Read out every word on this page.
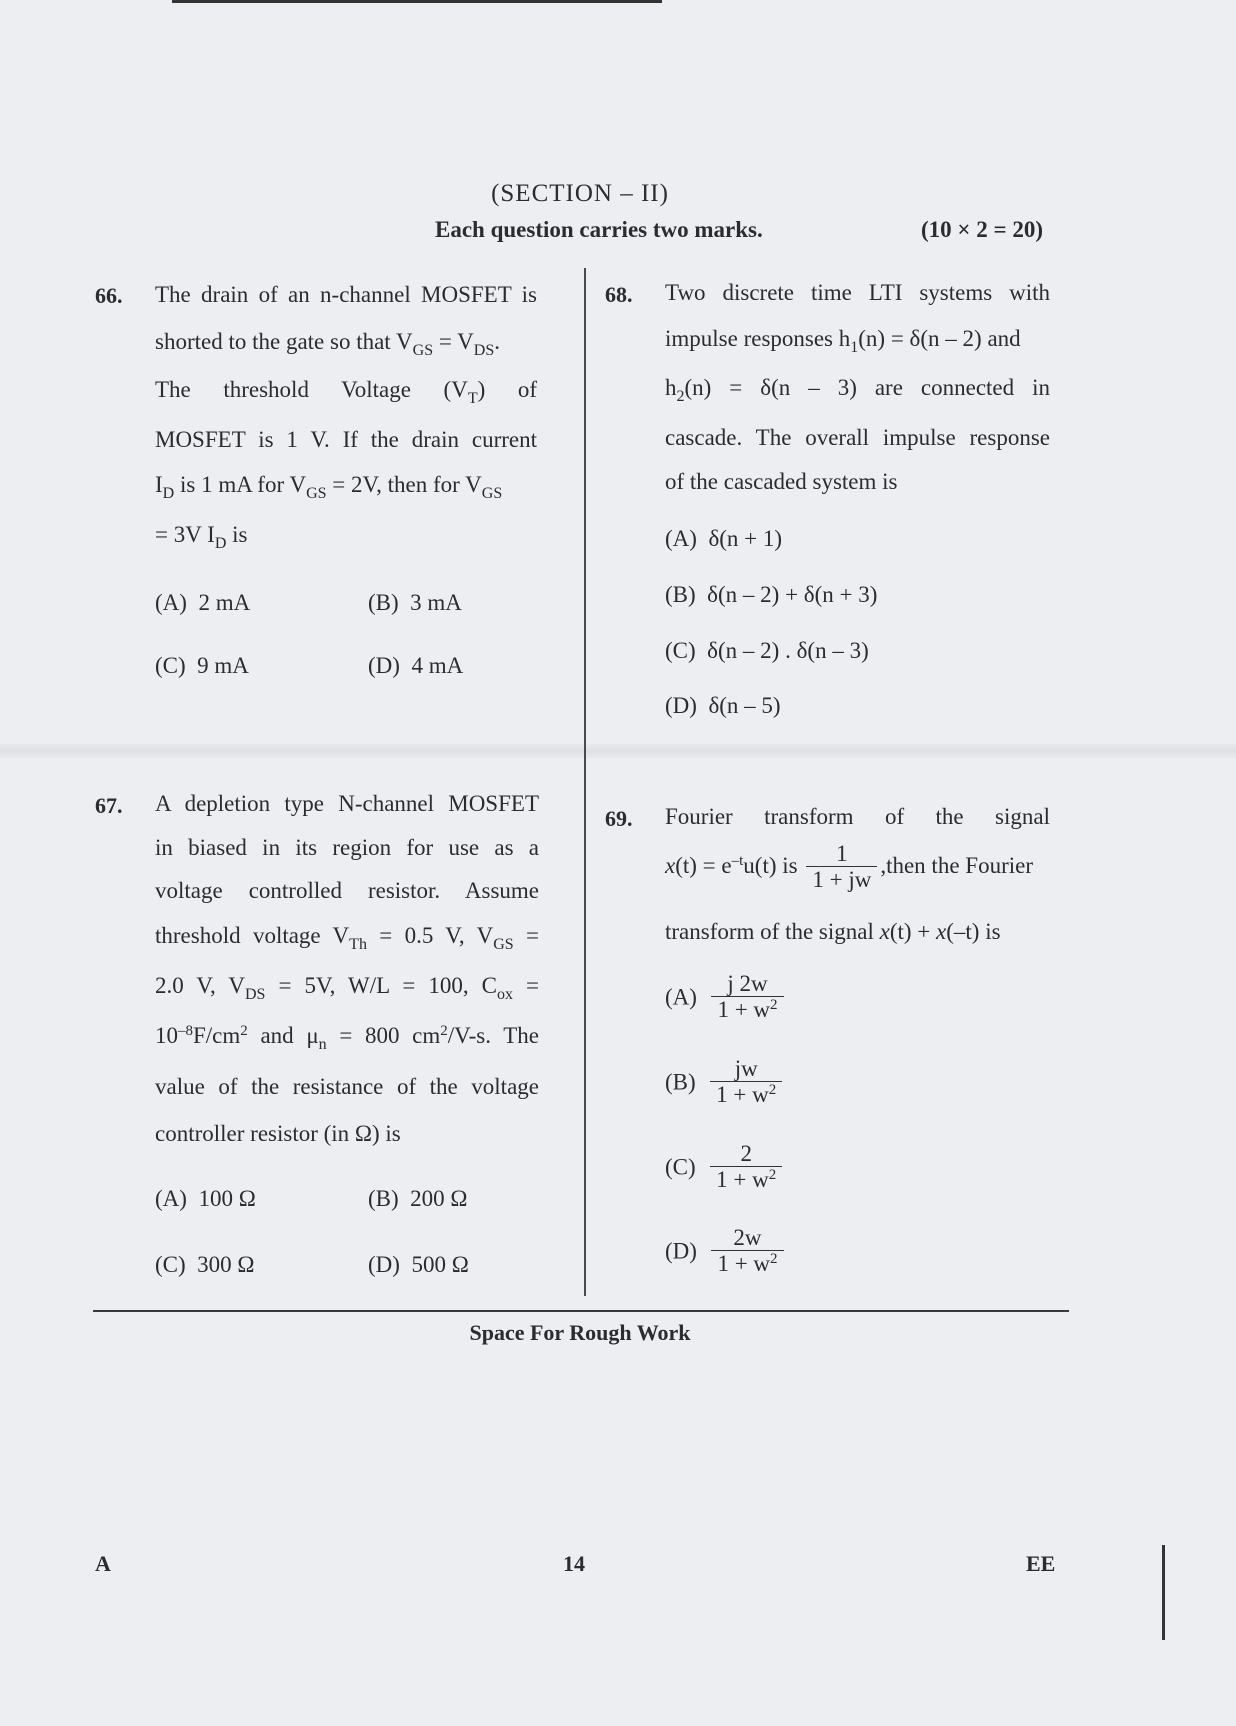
(SECTION – II)
Each question carries two marks.	(10 × 2 = 20)
66. The drain of an n-channel MOSFET is
shorted to the gate so that $V_{GS} = V_{DS}$.
The threshold Voltage $(V_T)$ of
MOSFET is 1 V. If the drain current
$I_D$ is 1 mA for $V_{GS} = 2V$, then for $V_{GS}$
= 3V $I_D$ is
(A) 2 mA	(B) 3 mA
(C) 9 mA	(D) 4 mA
67. A depletion type N-channel MOSFET
in biased in its region for use as a
voltage controlled resistor. Assume
threshold voltage $V_{Th} = 0.5$ V, $V_{GS}$ =
2.0 V, $V_{DS} = 5V$, W/L = 100, $C_{ox}$ =
$10^{-8}F/cm^2$ and $\mu_n = 800$ $cm^2/V-s$. The
value of the resistance of the voltage
controller resistor (in Ω) is
(A) 100 Ω	(B) 200 Ω
(C) 300 Ω	(D) 500 Ω
68. Two discrete time LTI systems with
impulse responses $h_1(n) = \delta(n - 2)$ and
$h_2(n) = \delta(n - 3)$ are connected in
cascade. The overall impulse response
of the cascaded system is
(A) δ(n + 1)
(B) δ(n – 2) + δ(n + 3)
(C) δ(n – 2) . δ(n – 3)
(D) δ(n – 5)
69. Fourier transform of the signal
$x(t) = e^{-t}u(t)$ is $\frac{1}{1 + jw}$ ,then the Fourier
transform of the signal x(t) + x(–t) is
$(A) \frac{j 2w}{1 + w^2}$
$(B) \frac{jw}{1 + w^2}$
$(C) \frac{2}{1 + w^2}$
$(D) \frac{2w}{1 + w^2}$
Space For Rough Work
A	14	EE
